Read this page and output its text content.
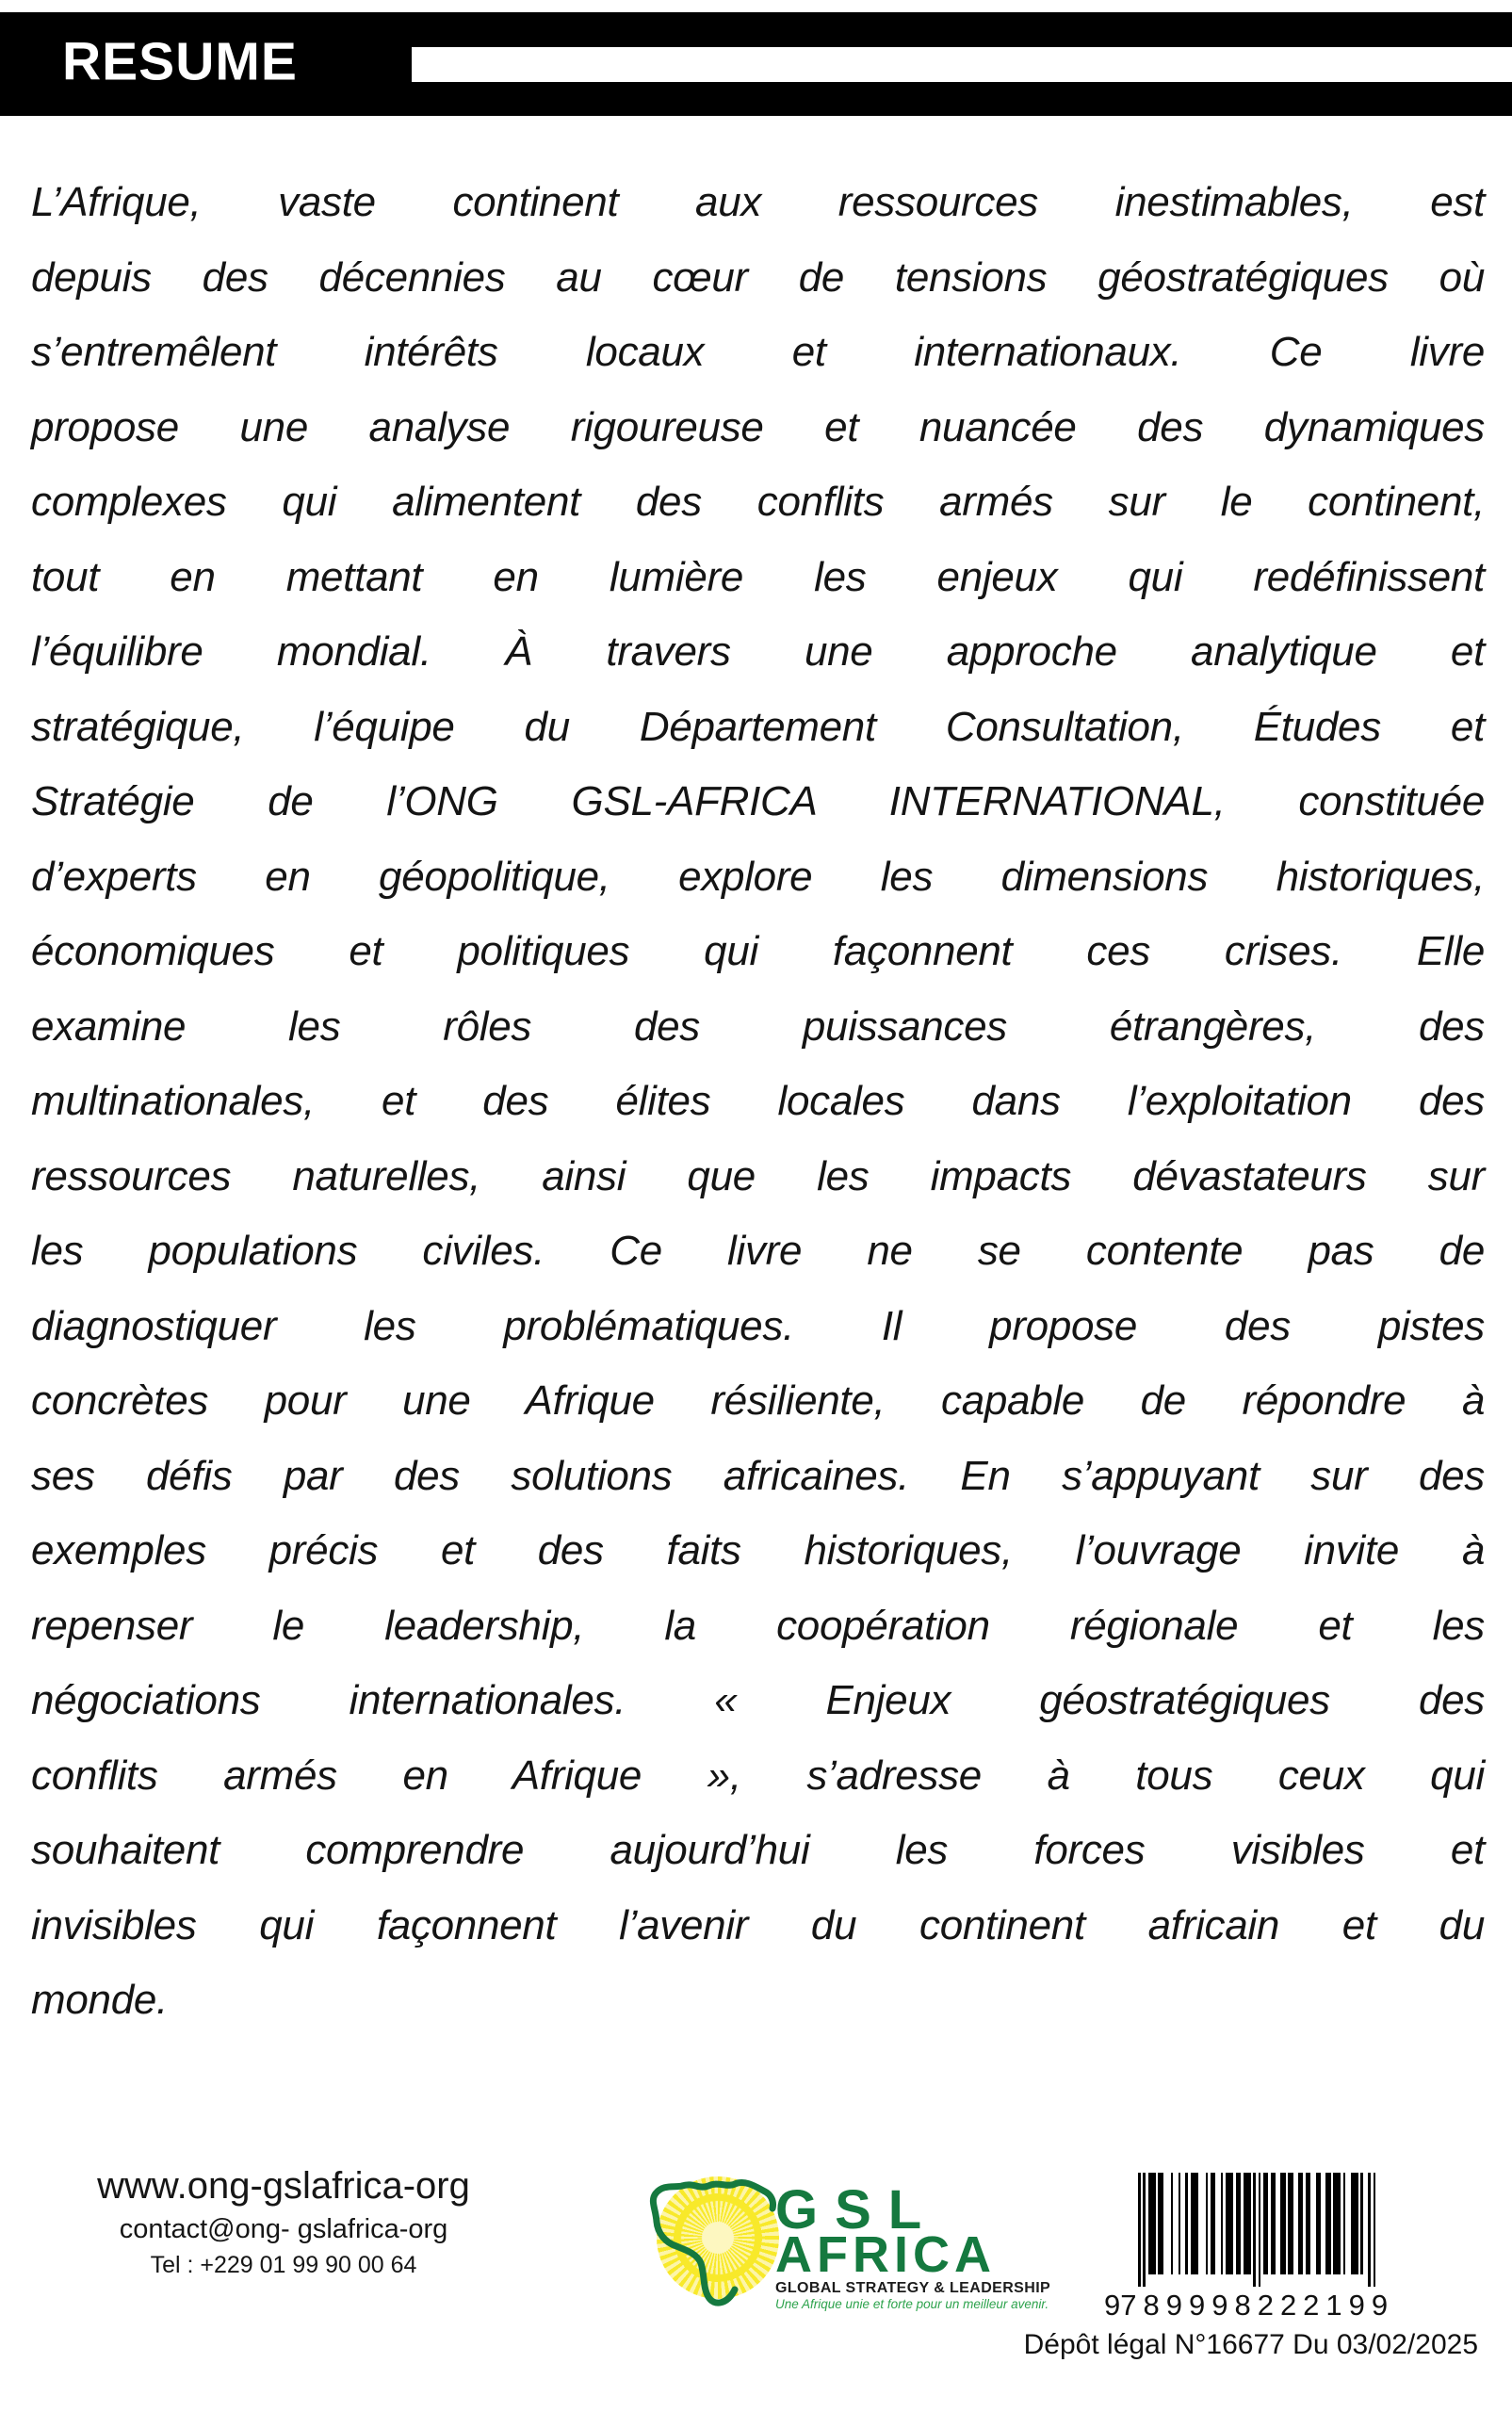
RESUME
L’Afrique, vaste continent aux ressources inestimables, est
depuis des décennies au cœur de tensions géostratégiques où
s’entremêlent intérêts locaux et internationaux. Ce livre
propose une analyse rigoureuse et nuancée des dynamiques
complexes qui alimentent des conflits armés sur le continent,
tout en mettant en lumière les enjeux qui redéfinissent
l’équilibre mondial. À travers une approche analytique et
stratégique, l’équipe du Département Consultation, Études et
Stratégie de l’ONG GSL-AFRICA INTERNATIONAL, constituée
d’experts en géopolitique, explore les dimensions historiques,
économiques et politiques qui façonnent ces crises. Elle
examine les rôles des puissances étrangères, des
multinationales, et des élites locales dans l’exploitation des
ressources naturelles, ainsi que les impacts dévastateurs sur
les populations civiles. Ce livre ne se contente pas de
diagnostiquer les problématiques. Il propose des pistes
concrètes pour une Afrique résiliente, capable de répondre à
ses défis par des solutions africaines. En s’appuyant sur des
exemples précis et des faits historiques, l’ouvrage invite à
repenser le leadership, la coopération régionale et les
négociations internationales. « Enjeux géostratégiques des
conflits armés en Afrique », s’adresse à tous ceux qui
souhaitent comprendre aujourd’hui les forces visibles et
invisibles qui façonnent l’avenir du continent africain et du
monde.
www.ong-gslafrica-org
contact@ong- gslafrica-org
Tel : +229 01 99 90 00 64
GSL
AFRICA
GLOBAL STRATEGY & LEADERSHIP
Une Afrique unie et forte pour un meilleur avenir. 9 789998 222199
Dépôt légal N°16677 Du 03/02/2025
